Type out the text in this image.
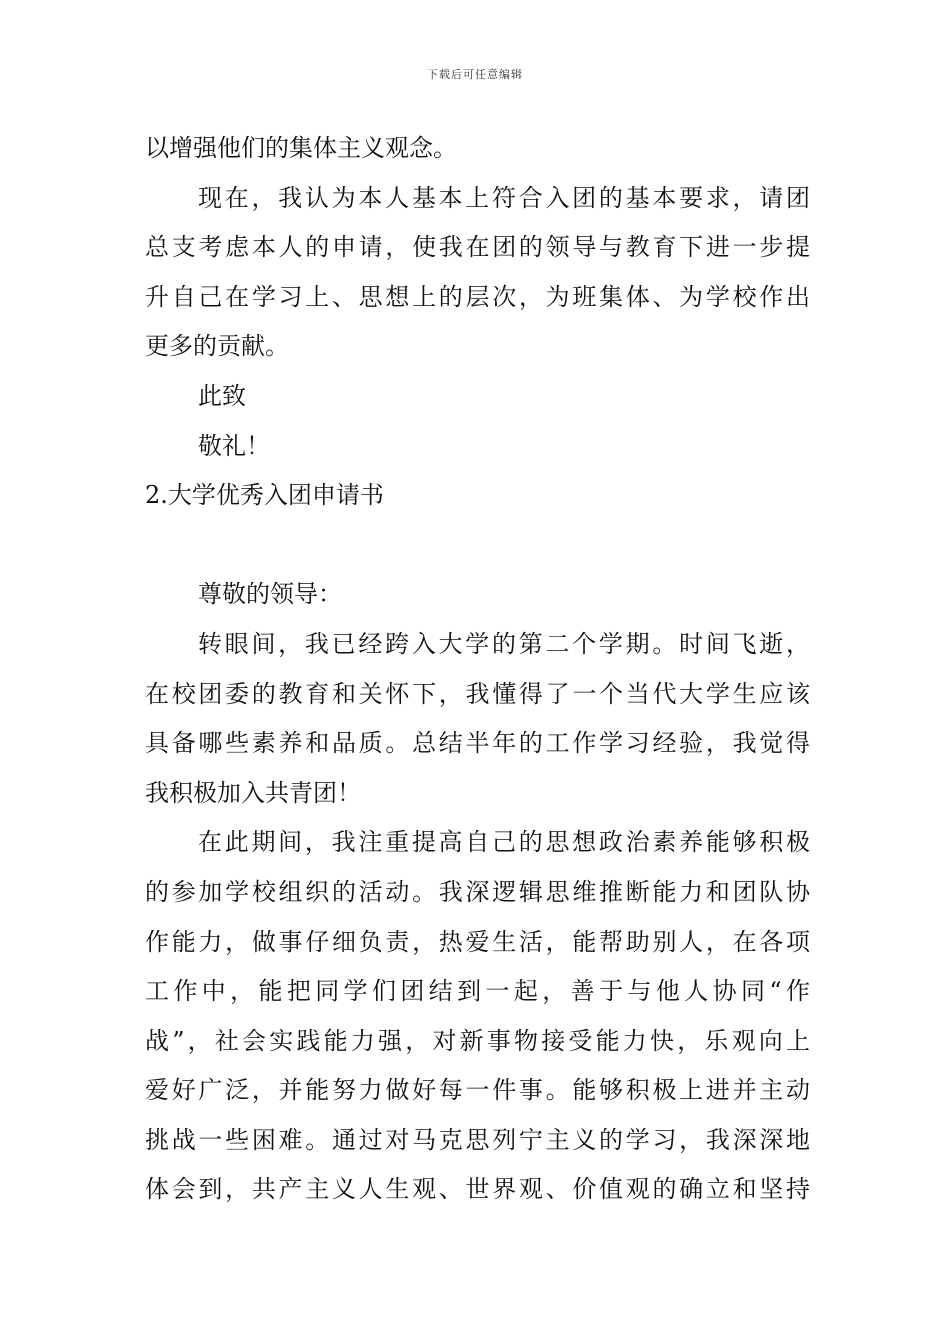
下载后可任意编辑
以增强他们的集体主义观念。
现在，我认为本人基本上符合入团的基本要求，请团
总支考虑本人的申请，使我在团的领导与教育下进一步提
升自己在学习上、思想上的层次，为班集体、为学校作出
更多的贡献。
此致
敬礼！
2.大学优秀入团申请书
尊敬的领导：
转眼间，我已经跨入大学的第二个学期。时间飞逝，
在校团委的教育和关怀下，我懂得了一个当代大学生应该
具备哪些素养和品质。总结半年的工作学习经验，我觉得
我积极加入共青团！
在此期间，我注重提高自己的思想政治素养能够积极
的参加学校组织的活动。我深逻辑思维推断能力和团队协
作能力，做事仔细负责，热爱生活，能帮助别人，在各项
工作中，能把同学们团结到一起，善于与他人协同“作
战”，社会实践能力强，对新事物接受能力快，乐观向上
爱好广泛，并能努力做好每一件事。能够积极上进并主动
挑战一些困难。通过对马克思列宁主义的学习，我深深地
体会到，共产主义人生观、世界观、价值观的确立和坚持
